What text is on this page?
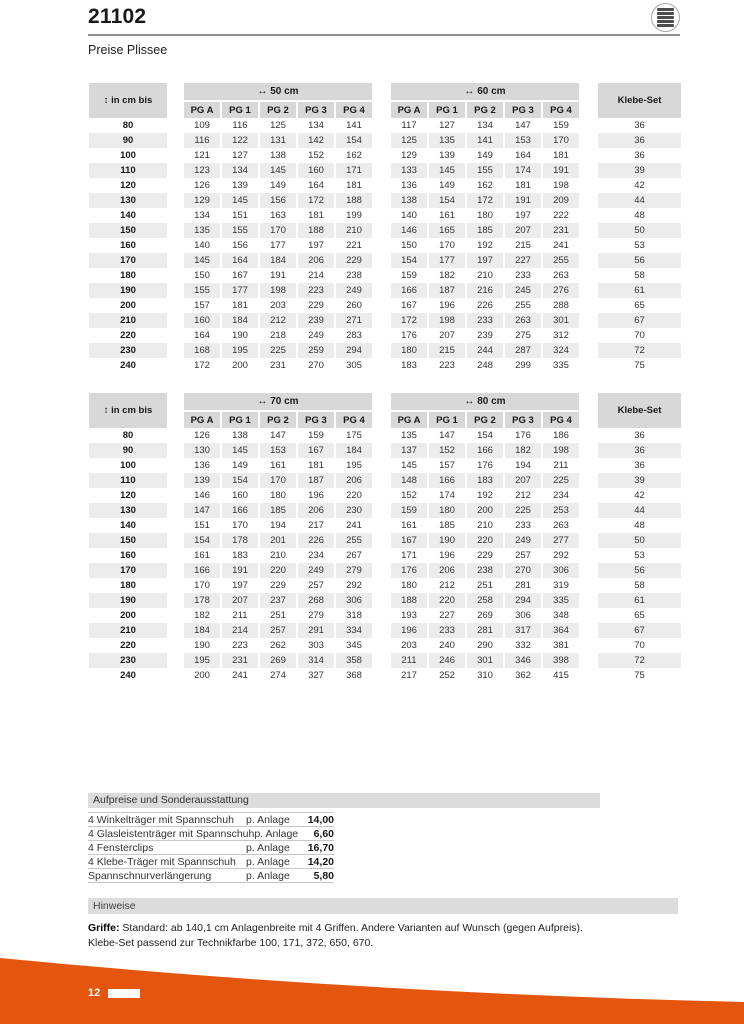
21102
Preise Plissee
↕ in cm bis
↔ 50 cm	↔ 60 cm
Klebe-Set
PG A	PG 1	PG 2	PG 3	PG 4	PG A	PG 1	PG 2	PG 3	PG 4
80	109	116	125	134	141	117	127	134	147	159	36
90	116	122	131	142	154	125	135	141	153	170	36
100	121	127	138	152	162	129	139	149	164	181	36
110	123	134	145	160	171	133	145	155	174	191	39
120	126	139	149	164	181	136	149	162	181	198	42
130	129	145	156	172	188	138	154	172	191	209	44
140	134	151	163	181	199	140	161	180	197	222	48
150	135	155	170	188	210	146	165	185	207	231	50
160	140	156	177	197	221	150	170	192	215	241	53
170	145	164	184	206	229	154	177	197	227	255	56
180	150	167	191	214	238	159	182	210	233	263	58
190	155	177	198	223	249	166	187	216	245	276	61
200	157	181	203	229	260	167	196	226	255	288	65
210	160	184	212	239	271	172	198	233	263	301	67
220	164	190	218	249	283	176	207	239	275	312	70
230	168	195	225	259	294	180	215	244	287	324	72
240	172	200	231	270	305	183	223	248	299	335	75
↕ in cm bis
↔ 70 cm	↔ 80 cm
Klebe-Set
PG A	PG 1	PG 2	PG 3	PG 4	PG A	PG 1	PG 2	PG 3	PG 4
80	126	138	147	159	175	135	147	154	176	186	36
90	130	145	153	167	184	137	152	166	182	198	36
100	136	149	161	181	195	145	157	176	194	211	36
110	139	154	170	187	206	148	166	183	207	225	39
120	146	160	180	196	220	152	174	192	212	234	42
130	147	166	185	206	230	159	180	200	225	253	44
140	151	170	194	217	241	161	185	210	233	263	48
150	154	178	201	226	255	167	190	220	249	277	50
160	161	183	210	234	267	171	196	229	257	292	53
170	166	191	220	249	279	176	206	238	270	306	56
180	170	197	229	257	292	180	212	251	281	319	58
190	178	207	237	268	306	188	220	258	294	335	61
200	182	211	251	279	318	193	227	269	306	348	65
210	184	214	257	291	334	196	233	281	317	364	67
220	190	223	262	303	345	203	240	290	332	381	70
230	195	231	269	314	358	211	246	301	346	398	72
240	200	241	274	327	368	217	252	310	362	415	75
Aufpreise und Sonderausstattung
4 Winkelträger mit Spannschuh	p. Anlage	14,00
4 Glasleistenträger mit Spannschuh p. Anlage	6,60
4 Fensterclips	p. Anlage	16,70
4 Klebe-Träger mit Spannschuh p. Anlage	14,20
Spannschnurverlängerung	p. Anlage	5,80
Hinweise
Griffe: Standard: ab 140,1 cm Anlagenbreite mit 4 Griffen. Andere Varianten auf Wunsch (gegen Aufpreis).
Klebe-Set passend zur Technikfarbe 100, 171, 372, 650, 670.
12
